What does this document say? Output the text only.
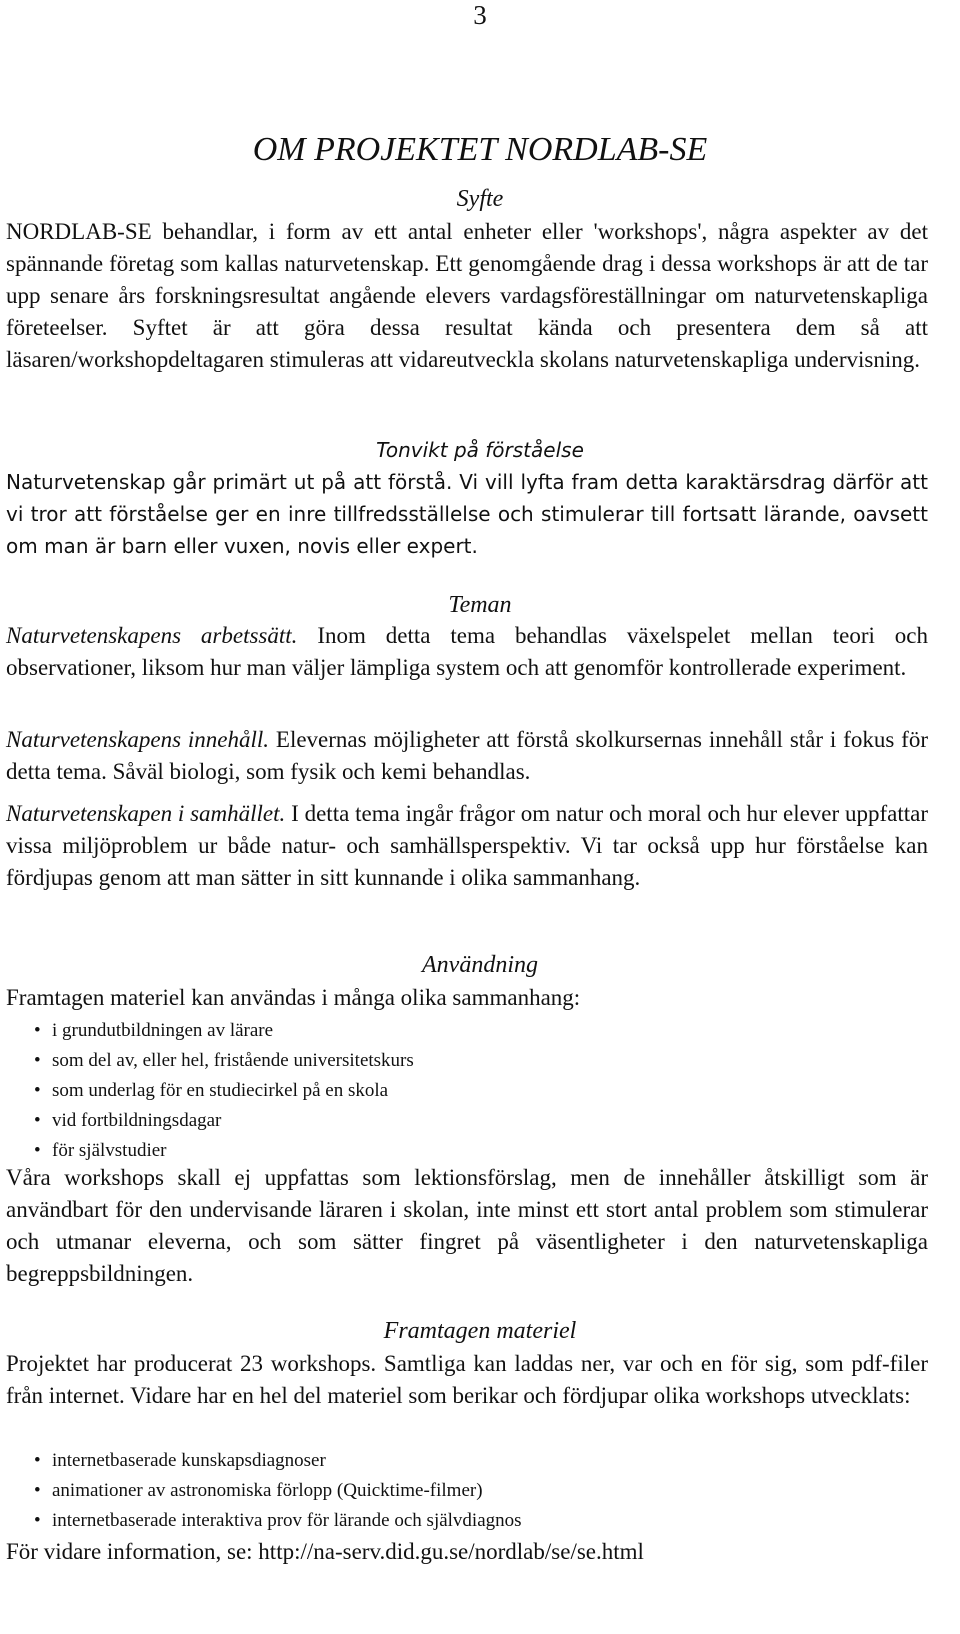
3
OM PROJEKTET NORDLAB-SE
Syfte

NORDLAB-SE behandlar, i form av ett antal enheter eller 'workshops', några aspekter av det spännande företag som kallas naturvetenskap. Ett genomgående drag i dessa workshops är att de tar upp senare års forskningsresultat angående elevers vardagsföreställningar om naturvetenskapliga företeelser. Syftet är att göra dessa resultat kända och presentera dem så att läsaren/workshopdeltagaren stimuleras att vidareutveckla skolans naturvetenskapliga undervisning.

Tonvikt på förståelse

Naturvetenskap går primärt ut på att förstå. Vi vill lyfta fram detta karaktärsdrag därför att vi tror att förståelse ger en inre tillfredsställelse och stimulerar till fortsatt lärande, oavsett om man är barn eller vuxen, novis eller expert.

Teman

Naturvetenskapens arbetssätt. Inom detta tema behandlas växelspelet mellan teori och observationer, liksom hur man väljer lämpliga system och att genomför kontrollerade experiment.

Naturvetenskapens innehåll. Elevernas möjligheter att förstå skolkursernas innehåll står i fokus för detta tema. Såväl biologi, som fysik och kemi behandlas.

Naturvetenskapen i samhället. I detta tema ingår frågor om natur och moral och hur elever uppfattar vissa miljöproblem ur både natur- och samhällsperspektiv. Vi tar också upp hur förståelse kan fördjupas genom att man sätter in sitt kunnande i olika sammanhang.

Användning

Framtagen materiel kan användas i många olika sammanhang:

• i grundutbildningen av lärare
• som del av, eller hel, fristående universitetskurs
• som underlag för en studiecirkel på en skola
• vid fortbildningsdagar
• för självstudier

Våra workshops skall ej uppfattas som lektionsförslag, men de innehåller åtskilligt som är användbart för den undervisande läraren i skolan, inte minst ett stort antal problem som stimulerar och utmanar eleverna, och som sätter fingret på väsentligheter i den naturvetenskapliga begreppsbildningen.

Framtagen materiel

Projektet har producerat 23 workshops. Samtliga kan laddas ner, var och en för sig, som pdf-filer från internet. Vidare har en hel del materiel som berikar och fördjupar olika workshops utvecklats:

• internetbaserade kunskapsdiagnoser
• animationer av astronomiska förlopp (Quicktime-filmer)
• internetbaserade interaktiva prov för lärande och självdiagnos

För vidare information, se: http://na-serv.did.gu.se/nordlab/se/se.html
